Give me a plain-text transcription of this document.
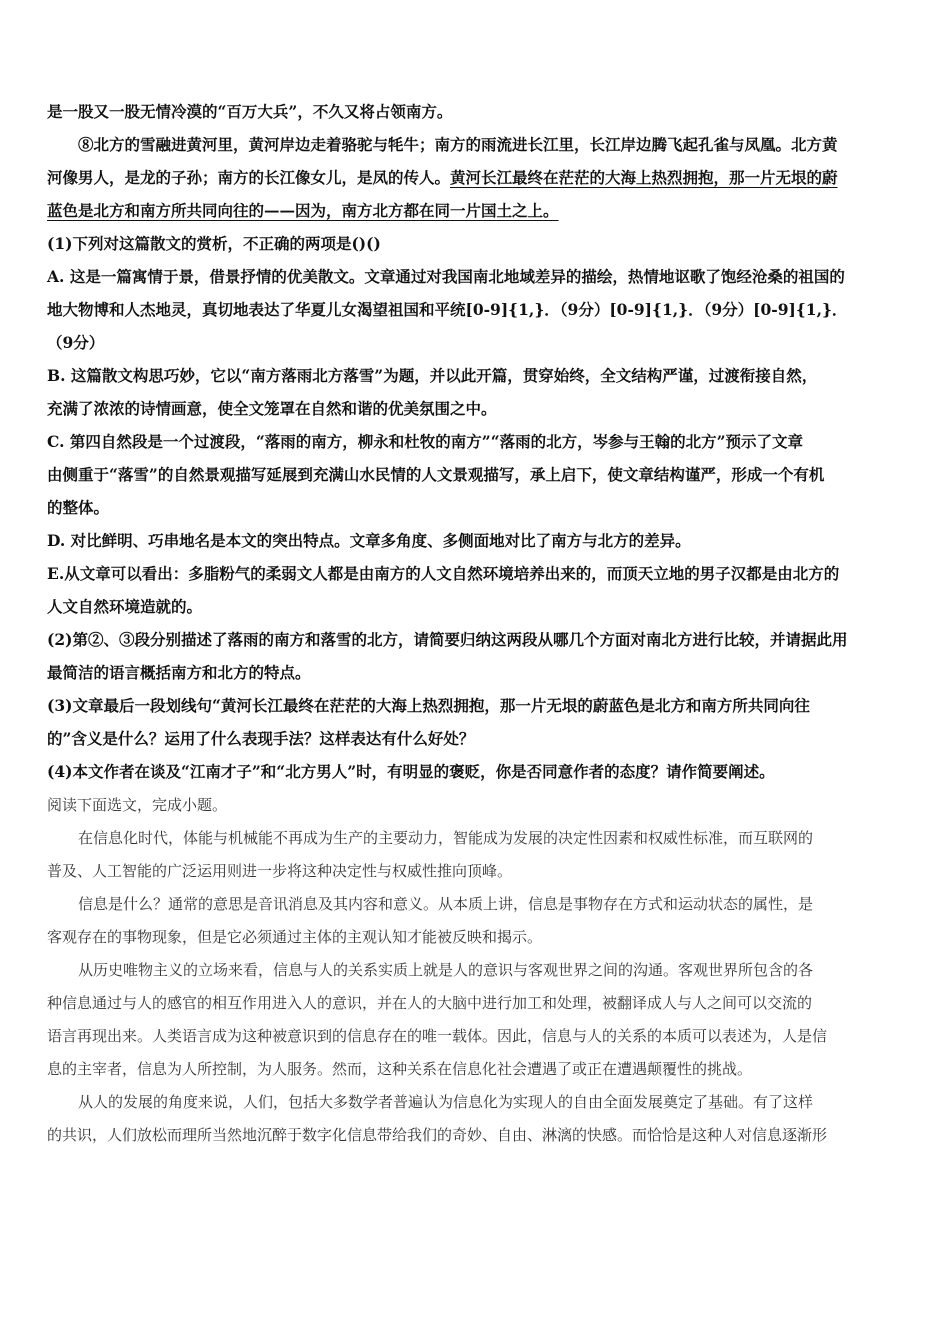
是一股又一股无情冷漠的“百万大兵”，不久又将占领南方。
⑧北方的雪融进黄河里，黄河岸边走着骆驼与牦牛；南方的雨流进长江里，长江岸边腾飞起孔雀与凤凰。北方黄
河像男人，是龙的子孙；南方的长江像女儿，是凤的传人。黄河长江最终在茫茫的大海上热烈拥抱，那一片无垠的蔚
蓝色是北方和南方所共同向往的——因为，南方北方都在同一片国土之上。
(1)下列对这篇散文的赏析，不正确的两项是()()
A. 这是一篇寓情于景，借景抒情的优美散文。文章通过对我国南北地域差异的描绘，热情地讴歌了饱经沧桑的祖国的
地大物博和人杰地灵，真切地表达了华夏儿女渴望祖国和平统[0-9]{1,}．（9分）[0-9]{1,}．（9分）[0-9]{1,}．
（9分）
B. 这篇散文构思巧妙，它以“南方落雨北方落雪”为题，并以此开篇，贯穿始终，全文结构严谨，过渡衔接自然，
充满了浓浓的诗情画意，使全文笼罩在自然和谐的优美氛围之中。
C. 第四自然段是一个过渡段，“落雨的南方，柳永和杜牧的南方”“落雨的北方，岑参与王翰的北方”预示了文章
由侧重于“落雪”的自然景观描写延展到充满山水民情的人文景观描写，承上启下，使文章结构谨严，形成一个有机
的整体。
D. 对比鲜明、巧串地名是本文的突出特点。文章多角度、多侧面地对比了南方与北方的差异。
E.从文章可以看出：多脂粉气的柔弱文人都是由南方的人文自然环境培养出来的，而顶天立地的男子汉都是由北方的
人文自然环境造就的。
(2)第②、③段分别描述了落雨的南方和落雪的北方，请简要归纳这两段从哪几个方面对南北方进行比较，并请据此用
最简洁的语言概括南方和北方的特点。
(3)文章最后一段划线句“黄河长江最终在茫茫的大海上热烈拥抱，那一片无垠的蔚蓝色是北方和南方所共同向往
的”含义是什么？运用了什么表现手法？这样表达有什么好处？
(4)本文作者在谈及“江南才子”和“北方男人”时，有明显的褒贬，你是否同意作者的态度？请作简要阐述。
阅读下面选文，完成小题。
在信息化时代，体能与机械能不再成为生产的主要动力，智能成为发展的决定性因素和权威性标准，而互联网的
普及、人工智能的广泛运用则进一步将这种决定性与权威性推向顶峰。
信息是什么？通常的意思是音讯消息及其内容和意义。从本质上讲，信息是事物存在方式和运动状态的属性，是
客观存在的事物现象，但是它必须通过主体的主观认知才能被反映和揭示。
从历史唯物主义的立场来看，信息与人的关系实质上就是人的意识与客观世界之间的沟通。客观世界所包含的各
种信息通过与人的感官的相互作用进入人的意识，并在人的大脑中进行加工和处理，被翻译成人与人之间可以交流的
语言再现出来。人类语言成为这种被意识到的信息存在的唯一载体。因此，信息与人的关系的本质可以表述为，人是信
息的主宰者，信息为人所控制，为人服务。然而，这种关系在信息化社会遭遇了或正在遭遇颠覆性的挑战。
从人的发展的角度来说，人们，包括大多数学者普遍认为信息化为实现人的自由全面发展奠定了基础。有了这样
的共识，人们放松而理所当然地沉醉于数字化信息带给我们的奇妙、自由、淋漓的快感。而恰恰是这种人对信息逐渐形
